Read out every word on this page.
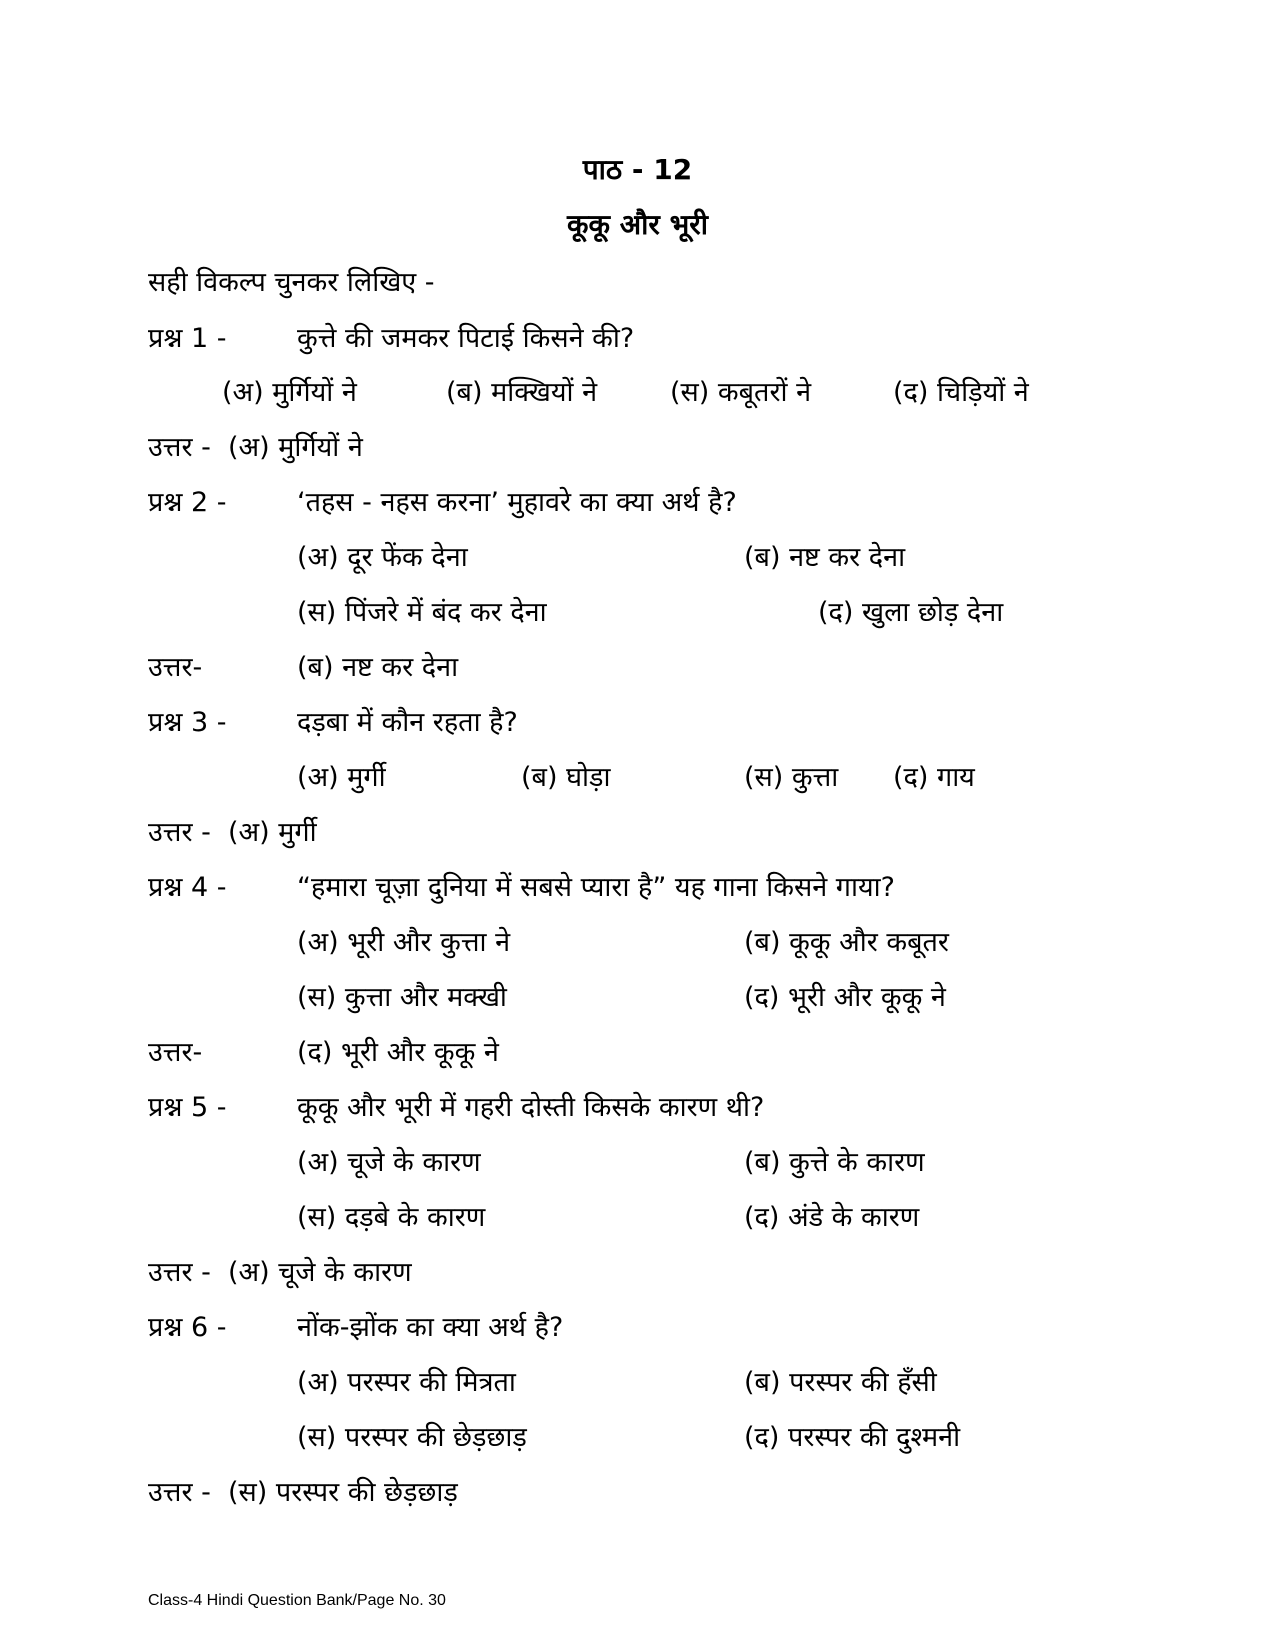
पाठ - 12
कूकू और भूरी
सही विकल्प चुनकर लिखिए -
प्रश्न 1 -	कुत्ते की जमकर पिटाई किसने की?
(अ) मुर्गियों ने	(ब) मक्खियों ने	(स) कबूतरों ने	(द) चिड़ियों ने
उत्तर - (अ) मुर्गियों ने
प्रश्न 2 -	‘तहस - नहस करना’ मुहावरे का क्या अर्थ है?
(अ) दूर फेंक देना	(ब) नष्ट कर देना
(स) पिंजरे में बंद कर देना	(द) खुला छोड़ देना
उत्तर-	(ब) नष्ट कर देना
प्रश्न 3 -	दड़बा में कौन रहता है?
(अ) मुर्गी	(ब) घोड़ा	(स) कुत्ता (द) गाय
उत्तर - (अ) मुर्गी
प्रश्न 4 -	“हमारा चूज़ा दुनिया में सबसे प्यारा है” यह गाना किसने गाया?
(अ) भूरी और कुत्ता ने	(ब) कूकू और कबूतर
(स) कुत्ता और मक्खी	(द) भूरी और कूकू ने
उत्तर-	(द) भूरी और कूकू ने
प्रश्न 5 -	कूकू और भूरी में गहरी दोस्ती किसके कारण थी?
(अ) चूजे के कारण	(ब) कुत्ते के कारण
(स) दड़बे के कारण	(द) अंडे के कारण
उत्तर - (अ) चूजे के कारण
प्रश्न 6 -	नोंक-झोंक का क्या अर्थ है?
(अ) परस्पर की मित्रता	(ब) परस्पर की हँसी
(स) परस्पर की छेड़छाड़	(द) परस्पर की दुश्मनी
उत्तर - (स) परस्पर की छेड़छाड़
Class-4 Hindi Question Bank/Page No. 30
